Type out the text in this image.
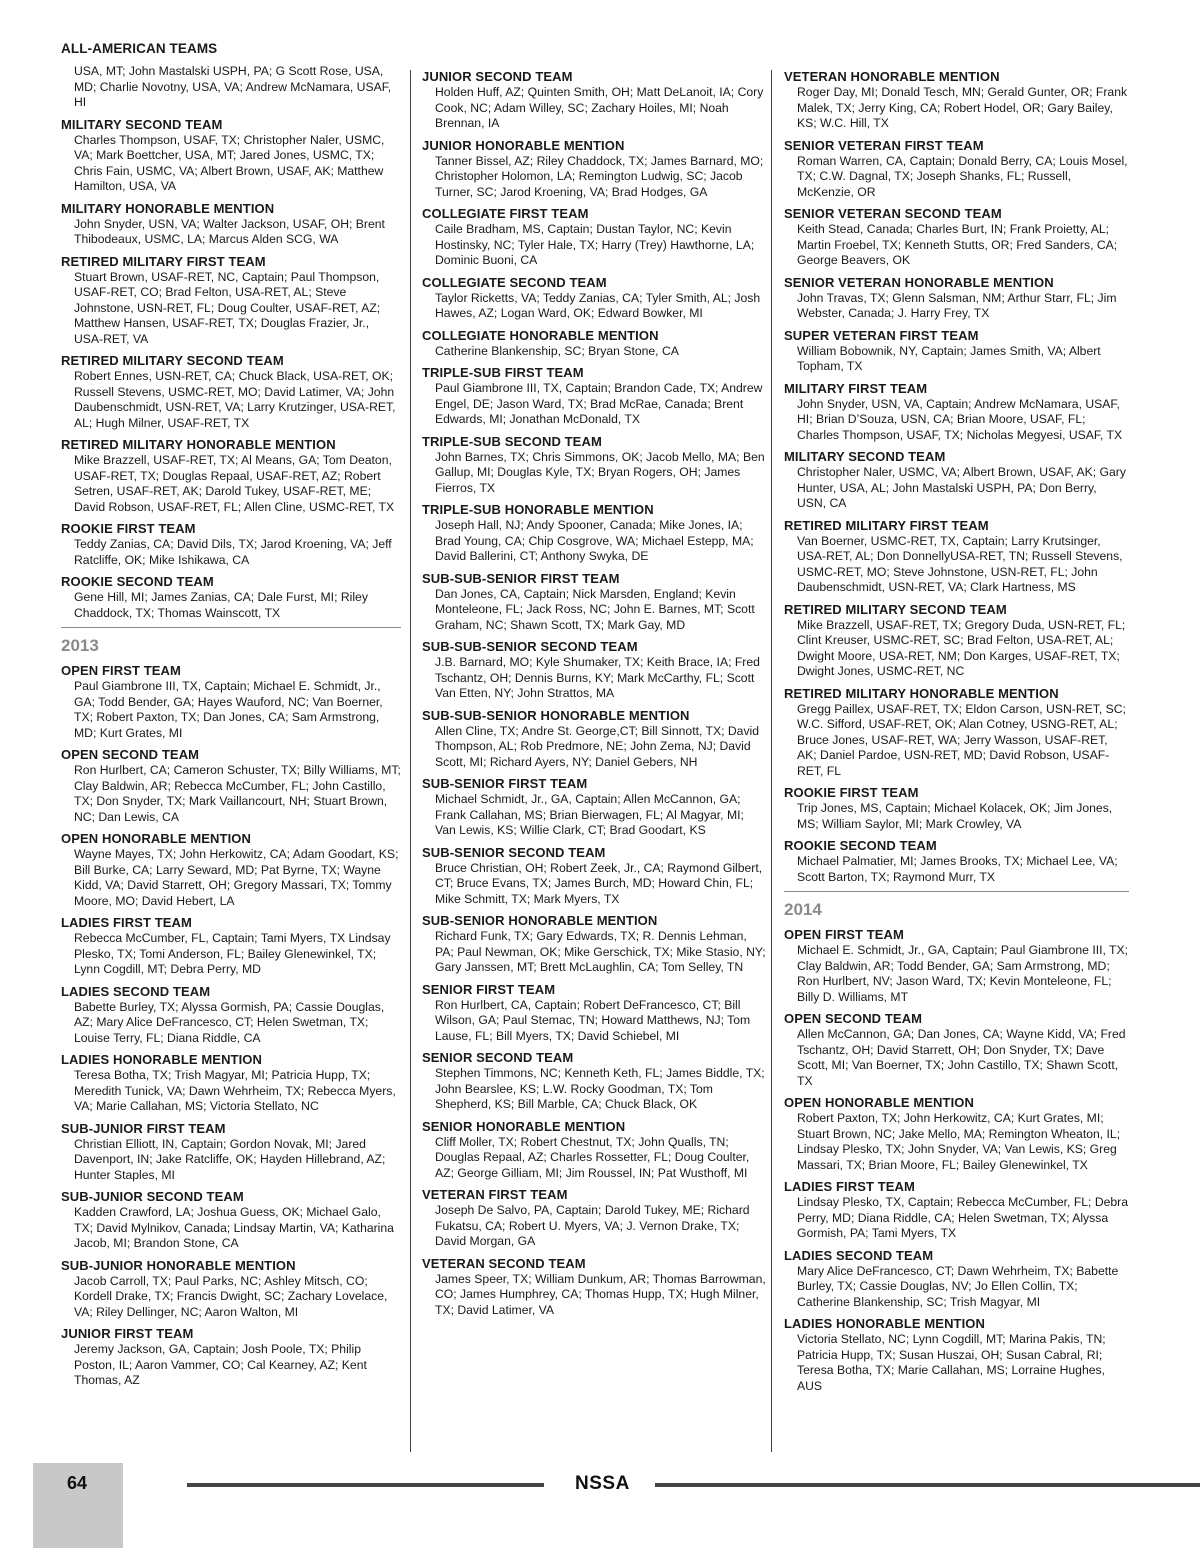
ALL-AMERICAN TEAMS
USA, MT; John Mastalski USPH, PA; G Scott Rose, USA, MD; Charlie Novotny, USA, VA; Andrew McNamara, USAF, HI
MILITARY SECOND TEAM
Charles Thompson, USAF, TX; Christopher Naler, USMC, VA; Mark Boettcher, USA, MT; Jared Jones, USMC, TX; Chris Fain, USMC, VA; Albert Brown, USAF, AK; Matthew Hamilton, USA, VA
MILITARY HONORABLE MENTION
John Snyder, USN, VA; Walter Jackson, USAF, OH; Brent Thibodeaux, USMC, LA; Marcus Alden SCG, WA
RETIRED MILITARY FIRST TEAM
Stuart Brown, USAF-RET, NC, Captain; Paul Thompson, USAF-RET, CO; Brad Felton, USA-RET, AL; Steve Johnstone, USN-RET, FL; Doug Coulter, USAF-RET, AZ; Matthew Hansen, USAF-RET, TX; Douglas Frazier, Jr., USA-RET, VA
RETIRED MILITARY SECOND TEAM
Robert Ennes, USN-RET, CA; Chuck Black, USA-RET, OK; Russell Stevens, USMC-RET, MO; David Latimer, VA; John Daubenschmidt, USN-RET, VA; Larry Krutzinger, USA-RET, AL; Hugh Milner, USAF-RET, TX
RETIRED MILITARY HONORABLE MENTION
Mike Brazzell, USAF-RET, TX; Al Means, GA; Tom Deaton, USAF-RET, TX; Douglas Repaal, USAF-RET, AZ; Robert Setren, USAF-RET, AK; Darold Tukey, USAF-RET, ME; David Robson, USAF-RET, FL; Allen Cline, USMC-RET, TX
ROOKIE FIRST TEAM
Teddy Zanias, CA; David Dils, TX; Jarod Kroening, VA; Jeff Ratcliffe, OK; Mike Ishikawa, CA
ROOKIE SECOND TEAM
Gene Hill, MI; James Zanias, CA; Dale Furst, MI; Riley Chaddock, TX; Thomas Wainscott, TX
2013
OPEN FIRST TEAM
Paul Giambrone III, TX, Captain; Michael E. Schmidt, Jr., GA; Todd Bender, GA; Hayes Wauford, NC; Van Boerner, TX; Robert Paxton, TX; Dan Jones, CA; Sam Armstrong, MD; Kurt Grates, MI
OPEN SECOND TEAM
Ron Hurlbert, CA; Cameron Schuster, TX; Billy Williams, MT; Clay Baldwin, AR; Rebecca McCumber, FL; John Castillo, TX; Don Snyder, TX; Mark Vaillancourt, NH; Stuart Brown, NC; Dan Lewis, CA
OPEN HONORABLE MENTION
Wayne Mayes, TX; John Herkowitz, CA; Adam Goodart, KS; Bill Burke, CA; Larry Seward, MD; Pat Byrne, TX; Wayne Kidd, VA; David Starrett, OH; Gregory Massari, TX; Tommy Moore, MO; David Hebert, LA
LADIES FIRST TEAM
Rebecca McCumber, FL, Captain; Tami Myers, TX Lindsay Plesko, TX; Tomi Anderson, FL; Bailey Glenewinkel, TX; Lynn Cogdill, MT; Debra Perry, MD
LADIES SECOND TEAM
Babette Burley, TX; Alyssa Gormish, PA; Cassie Douglas, AZ; Mary Alice DeFrancesco, CT; Helen Swetman, TX; Louise Terry, FL; Diana Riddle, CA
LADIES HONORABLE MENTION
Teresa Botha, TX; Trish Magyar, MI; Patricia Hupp, TX; Meredith Tunick, VA; Dawn Wehrheim, TX; Rebecca Myers, VA; Marie Callahan, MS; Victoria Stellato, NC
SUB-JUNIOR FIRST TEAM
Christian Elliott, IN, Captain; Gordon Novak, MI; Jared Davenport, IN; Jake Ratcliffe, OK; Hayden Hillebrand, AZ; Hunter Staples, MI
SUB-JUNIOR SECOND TEAM
Kadden Crawford, LA; Joshua Guess, OK; Michael Galo, TX; David Mylnikov, Canada; Lindsay Martin, VA; Katharina Jacob, MI; Brandon Stone, CA
SUB-JUNIOR HONORABLE MENTION
Jacob Carroll, TX; Paul Parks, NC; Ashley Mitsch, CO; Kordell Drake, TX; Francis Dwight, SC; Zachary Lovelace, VA; Riley Dellinger, NC; Aaron Walton, MI
JUNIOR FIRST TEAM
Jeremy Jackson, GA, Captain; Josh Poole, TX; Philip Poston, IL; Aaron Vammer, CO; Cal Kearney, AZ; Kent Thomas, AZ
JUNIOR SECOND TEAM
Holden Huff, AZ; Quinten Smith, OH; Matt DeLanoit, IA; Cory Cook, NC; Adam Willey, SC; Zachary Hoiles, MI; Noah Brennan, IA
JUNIOR HONORABLE MENTION
Tanner Bissel, AZ; Riley Chaddock, TX; James Barnard, MO; Christopher Holomon, LA; Remington Ludwig, SC; Jacob Turner, SC; Jarod Kroening, VA; Brad Hodges, GA
COLLEGIATE FIRST TEAM
Caile Bradham, MS, Captain; Dustan Taylor, NC; Kevin Hostinsky, NC; Tyler Hale, TX; Harry (Trey) Hawthorne, LA; Dominic Buoni, CA
COLLEGIATE SECOND TEAM
Taylor Ricketts, VA; Teddy Zanias, CA; Tyler Smith, AL; Josh Hawes, AZ; Logan Ward, OK; Edward Bowker, MI
COLLEGIATE HONORABLE MENTION
Catherine Blankenship, SC; Bryan Stone, CA
TRIPLE-SUB FIRST TEAM
Paul Giambrone III, TX, Captain; Brandon Cade, TX; Andrew Engel, DE; Jason Ward, TX; Brad McRae, Canada; Brent Edwards, MI; Jonathan McDonald, TX
TRIPLE-SUB SECOND TEAM
John Barnes, TX; Chris Simmons, OK; Jacob Mello, MA; Ben Gallup, MI; Douglas Kyle, TX; Bryan Rogers, OH; James Fierros, TX
TRIPLE-SUB HONORABLE MENTION
Joseph Hall, NJ; Andy Spooner, Canada; Mike Jones, IA; Brad Young, CA; Chip Cosgrove, WA; Michael Estepp, MA; David Ballerini, CT; Anthony Swyka, DE
SUB-SUB-SENIOR FIRST TEAM
Dan Jones, CA, Captain; Nick Marsden, England; Kevin Monteleone, FL; Jack Ross, NC; John E. Barnes, MT; Scott Graham, NC; Shawn Scott, TX; Mark Gay, MD
SUB-SUB-SENIOR SECOND TEAM
J.B. Barnard, MO; Kyle Shumaker, TX; Keith Brace, IA; Fred Tschantz, OH; Dennis Burns, KY; Mark McCarthy, FL; Scott Van Etten, NY; John Strattos, MA
SUB-SUB-SENIOR HONORABLE MENTION
Allen Cline, TX; Andre St. George,CT; Bill Sinnott, TX; David Thompson, AL; Rob Predmore, NE; John Zema, NJ; David Scott, MI; Richard Ayers, NY; Daniel Gebers, NH
SUB-SENIOR FIRST TEAM
Michael Schmidt, Jr., GA, Captain; Allen McCannon, GA; Frank Callahan, MS; Brian Bierwagen, FL; Al Magyar, MI; Van Lewis, KS; Willie Clark, CT; Brad Goodart, KS
SUB-SENIOR SECOND TEAM
Bruce Christian, OH; Robert Zeek, Jr., CA; Raymond Gilbert, CT; Bruce Evans, TX; James Burch, MD; Howard Chin, FL; Mike Schmitt, TX; Mark Myers, TX
SUB-SENIOR HONORABLE MENTION
Richard Funk, TX; Gary Edwards, TX; R. Dennis Lehman, PA; Paul Newman, OK; Mike Gerschick, TX; Mike Stasio, NY; Gary Janssen, MT; Brett McLaughlin, CA; Tom Selley, TN
SENIOR FIRST TEAM
Ron Hurlbert, CA, Captain; Robert DeFrancesco, CT; Bill Wilson, GA; Paul Stemac, TN; Howard Matthews, NJ; Tom Lause, FL; Bill Myers, TX; David Schiebel, MI
SENIOR SECOND TEAM
Stephen Timmons, NC; Kenneth Keth, FL; James Biddle, TX; John Bearslee, KS; L.W. Rocky Goodman, TX; Tom Shepherd, KS; Bill Marble, CA; Chuck Black, OK
SENIOR HONORABLE MENTION
Cliff Moller, TX; Robert Chestnut, TX; John Qualls, TN; Douglas Repaal, AZ; Charles Rossetter, FL; Doug Coulter, AZ; George Gilliam, MI; Jim Roussel, IN; Pat Wusthoff, MI
VETERAN FIRST TEAM
Joseph De Salvo, PA, Captain; Darold Tukey, ME; Richard Fukatsu, CA; Robert U. Myers, VA; J. Vernon Drake, TX; David Morgan, GA
VETERAN SECOND TEAM
James Speer, TX; William Dunkum, AR; Thomas Barrowman, CO; James Humphrey, CA; Thomas Hupp, TX; Hugh Milner, TX; David Latimer, VA
VETERAN HONORABLE MENTION
Roger Day, MI; Donald Tesch, MN; Gerald Gunter, OR; Frank Malek, TX; Jerry King, CA; Robert Hodel, OR; Gary Bailey, KS; W.C. Hill, TX
SENIOR VETERAN FIRST TEAM
Roman Warren, CA, Captain; Donald Berry, CA; Louis Mosel, TX; C.W. Dagnal, TX; Joseph Shanks, FL; Russell, McKenzie, OR
SENIOR VETERAN SECOND TEAM
Keith Stead, Canada; Charles Burt, IN; Frank Proietty, AL; Martin Froebel, TX; Kenneth Stutts, OR; Fred Sanders, CA; George Beavers, OK
SENIOR VETERAN HONORABLE MENTION
John Travas, TX; Glenn Salsman, NM; Arthur Starr, FL; Jim Webster, Canada; J. Harry Frey, TX
SUPER VETERAN FIRST TEAM
William Bobownik, NY, Captain; James Smith, VA; Albert Topham, TX
MILITARY FIRST TEAM
John Snyder, USN, VA, Captain; Andrew McNamara, USAF, HI; Brian D’Souza, USN, CA; Brian Moore, USAF, FL; Charles Thompson, USAF, TX; Nicholas Megyesi, USAF, TX
MILITARY SECOND TEAM
Christopher Naler, USMC, VA; Albert Brown, USAF, AK; Gary Hunter, USA, AL; John Mastalski USPH, PA; Don Berry, USN, CA
RETIRED MILITARY FIRST TEAM
Van Boerner, USMC-RET, TX, Captain; Larry Krutsinger, USA-RET, AL; Don DonnellyUSA-RET, TN; Russell Stevens, USMC-RET, MO; Steve Johnstone, USN-RET, FL; John Daubenschmidt, USN-RET, VA; Clark Hartness, MS
RETIRED MILITARY SECOND TEAM
Mike Brazzell, USAF-RET, TX; Gregory Duda, USN-RET, FL; Clint Kreuser, USMC-RET, SC; Brad Felton, USA-RET, AL; Dwight Moore, USA-RET, NM; Don Karges, USAF-RET, TX; Dwight Jones, USMC-RET, NC
RETIRED MILITARY HONORABLE MENTION
Gregg Paillex, USAF-RET, TX; Eldon Carson, USN-RET, SC; W.C. Sifford, USAF-RET, OK; Alan Cotney, USNG-RET, AL; Bruce Jones, USAF-RET, WA; Jerry Wasson, USAF-RET, AK; Daniel Pardoe, USN-RET, MD; David Robson, USAF-RET, FL
ROOKIE FIRST TEAM
Trip Jones, MS, Captain; Michael Kolacek, OK; Jim Jones, MS; William Saylor, MI; Mark Crowley, VA
ROOKIE SECOND TEAM
Michael Palmatier, MI; James Brooks, TX; Michael Lee, VA; Scott Barton, TX; Raymond Murr, TX
2014
OPEN FIRST TEAM
Michael E. Schmidt, Jr., GA, Captain; Paul Giambrone III, TX; Clay Baldwin, AR; Todd Bender, GA; Sam Armstrong, MD; Ron Hurlbert, NV; Jason Ward, TX; Kevin Monteleone, FL; Billy D. Williams, MT
OPEN SECOND TEAM
Allen McCannon, GA; Dan Jones, CA; Wayne Kidd, VA; Fred Tschantz, OH; David Starrett, OH; Don Snyder, TX; Dave Scott, MI; Van Boerner, TX; John Castillo, TX; Shawn Scott, TX
OPEN HONORABLE MENTION
Robert Paxton, TX; John Herkowitz, CA; Kurt Grates, MI; Stuart Brown, NC; Jake Mello, MA; Remington Wheaton, IL; Lindsay Plesko, TX; John Snyder, VA; Van Lewis, KS; Greg Massari, TX; Brian Moore, FL; Bailey Glenewinkel, TX
LADIES FIRST TEAM
Lindsay Plesko, TX, Captain; Rebecca McCumber, FL; Debra Perry, MD; Diana Riddle, CA; Helen Swetman, TX; Alyssa Gormish, PA; Tami Myers, TX
LADIES SECOND TEAM
Mary Alice DeFrancesco, CT; Dawn Wehrheim, TX; Babette Burley, TX; Cassie Douglas, NV; Jo Ellen Collin, TX; Catherine Blankenship, SC; Trish Magyar, MI
LADIES HONORABLE MENTION
Victoria Stellato, NC; Lynn Cogdill, MT; Marina Pakis, TN; Patricia Hupp, TX; Susan Huszai, OH; Susan Cabral, RI; Teresa Botha, TX; Marie Callahan, MS; Lorraine Hughes, AUS
64	NSSA
